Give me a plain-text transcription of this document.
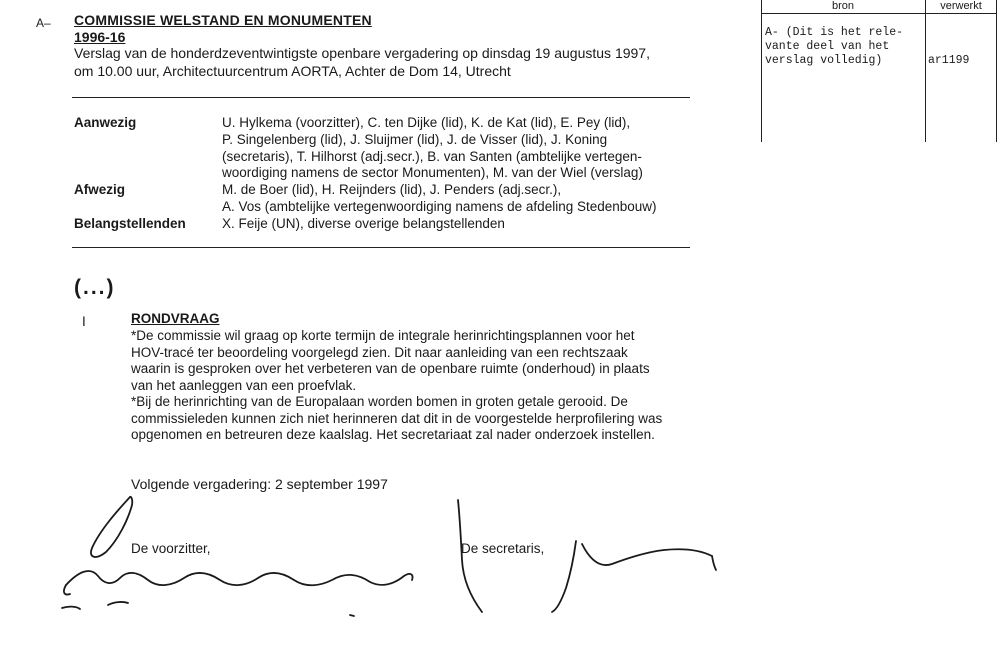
A– COMMISSIE WELSTAND EN MONUMENTEN
1996-16
Verslag van de honderdzeventwintigste openbare vergadering op dinsdag 19 augustus 1997,
om 10.00 uur, Architectuurcentrum AORTA, Achter de Dom 14, Utrecht
Aanwezig	U. Hylkema (voorzitter), C. ten Dijke (lid), K. de Kat (lid), E. Pey (lid),
P. Singelenberg (lid), J. Sluijmer (lid), J. de Visser (lid), J. Koning
(secretaris), T. Hilhorst (adj.secr.), B. van Santen (ambtelijke vertegen-
woordiging namens de sector Monumenten), M. van der Wiel (verslag)
Afwezig	M. de Boer (lid), H. Reijnders (lid), J. Penders (adj.secr.),
A. Vos (ambtelijke vertegenwoordiging namens de afdeling Stedenbouw)
Belangstellenden	X. Feije (UN), diverse overige belangstellenden
(...)
I	RONDVRAAG
*De commissie wil graag op korte termijn de integrale herinrichtingsplannen voor het
HOV-tracé ter beoordeling voorgelegd zien. Dit naar aanleiding van een rechtszaak
waarin is gesproken over het verbeteren van de openbare ruimte (onderhoud) in plaats
van het aanleggen van een proefvlak.
*Bij de herinrichting van de Europalaan worden bomen in groten getale gerooid. De
commissieleden kunnen zich niet herinneren dat dit in de voorgestelde herprofilering was
opgenomen en betreuren deze kaalslag. Het secretariaat zal nader onderzoek instellen.
Volgende vergadering: 2 september 1997
De voorzitter,	De secretaris,
bron	verwerkt
A- (Dit is het rele-
vante deel van het
verslag volledig)	ar1199
